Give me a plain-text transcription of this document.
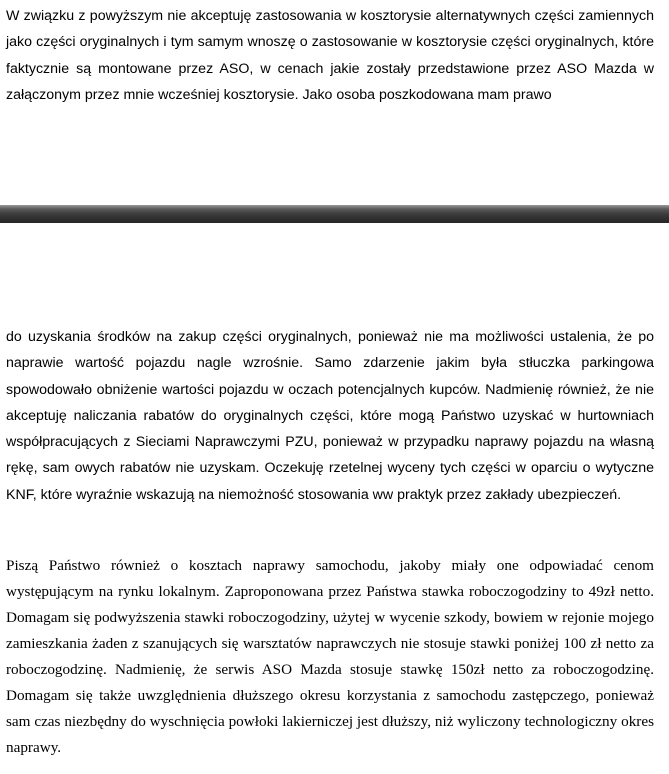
W związku z powyższym nie akceptuję zastosowania w kosztorysie alternatywnych części zamiennych jako części oryginalnych i tym samym wnoszę o zastosowanie w kosztorysie części oryginalnych, które faktycznie są montowane przez ASO, w cenach jakie zostały przedstawione przez ASO Mazda w załączonym przez mnie wcześniej kosztorysie. Jako osoba poszkodowana mam prawo

do uzyskania środków na zakup części oryginalnych, ponieważ nie ma możliwości ustalenia, że po naprawie wartość pojazdu nagle wzrośnie. Samo zdarzenie jakim była stłuczka parkingowa spowodowało obniżenie wartości pojazdu w oczach potencjalnych kupców. Nadmienię również, że nie akceptuję naliczania rabatów do oryginalnych części, które mogą Państwo uzyskać w hurtowniach współpracujących z Sieciami Naprawczymi PZU, ponieważ w przypadku naprawy pojazdu na własną rękę, sam owych rabatów nie uzyskam. Oczekuję rzetelnej wyceny tych części w oparciu o wytyczne KNF, które wyraźnie wskazują na niemożność stosowania ww praktyk przez zakłady ubezpieczeń.

Piszą Państwo również o kosztach naprawy samochodu, jakoby miały one odpowiadać cenom występującym na rynku lokalnym. Zaproponowana przez Państwa stawka roboczogodziny to 49zł netto. Domagam się podwyższenia stawki roboczogodziny, użytej w wycenie szkody, bowiem w rejonie mojego zamieszkania żaden z szanujących się warsztatów naprawczych nie stosuje stawki poniżej 100 zł netto za roboczogodzinę. Nadmienię, że serwis ASO Mazda stosuje stawkę 150zł netto za roboczogodzinę. Domagam się także uwzględnienia dłuższego okresu korzystania z samochodu zastępczego, ponieważ sam czas niezbędny do wyschnięcia powłoki lakierniczej jest dłuższy, niż wyliczony technologiczny okres naprawy.
